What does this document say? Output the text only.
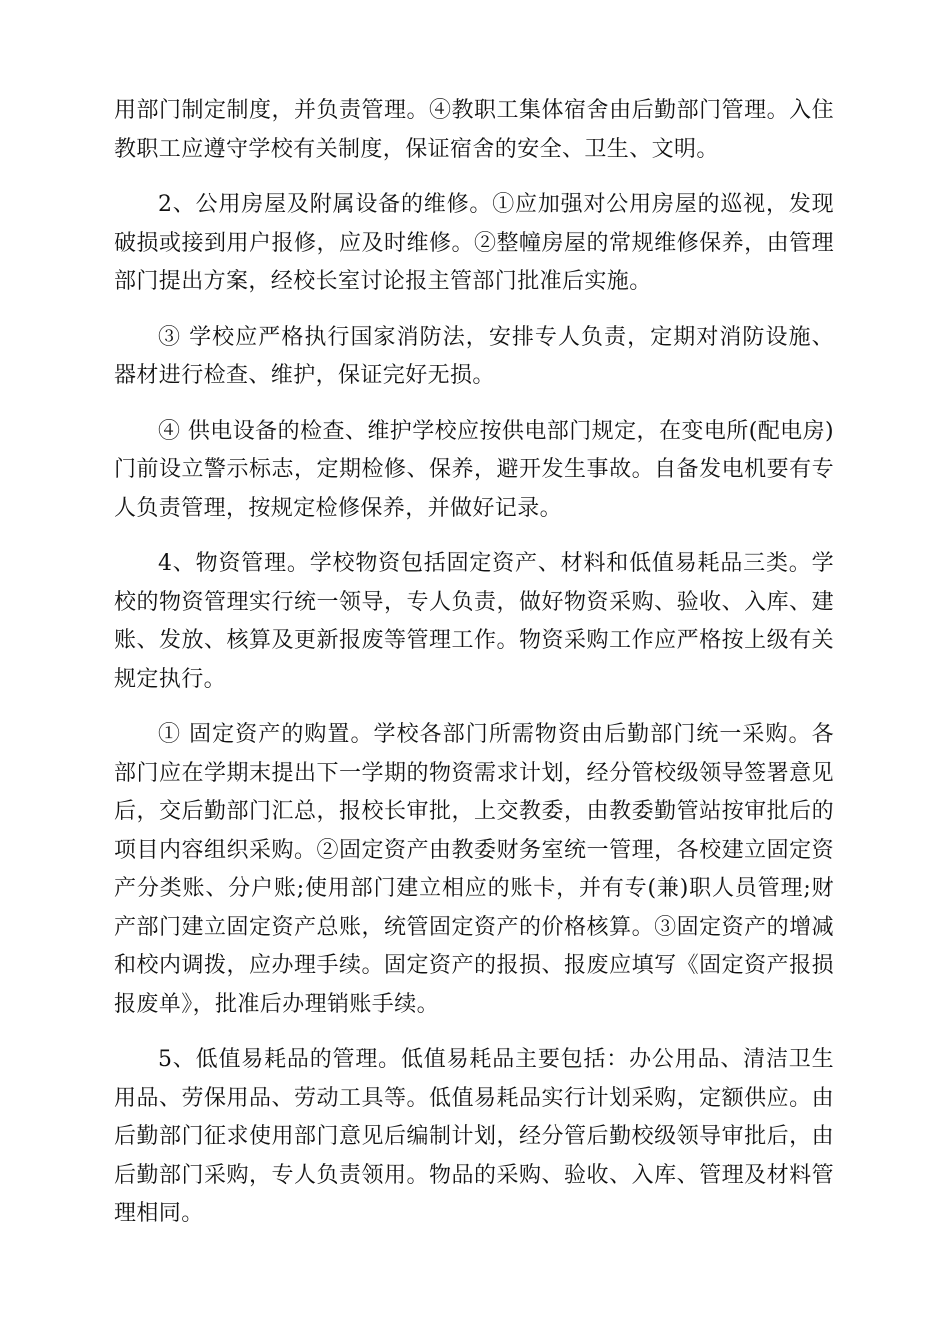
用部门制定制度，并负责管理。④教职工集体宿舍由后勤部门管理。入住教职工应遵守学校有关制度，保证宿舍的安全、卫生、文明。

2、公用房屋及附属设备的维修。①应加强对公用房屋的巡视，发现破损或接到用户报修，应及时维修。②整幢房屋的常规维修保养，由管理部门提出方案，经校长室讨论报主管部门批准后实施。

③ 学校应严格执行国家消防法，安排专人负责，定期对消防设施、器材进行检查、维护，保证完好无损。

④ 供电设备的检查、维护学校应按供电部门规定，在变电所(配电房)门前设立警示标志，定期检修、保养，避开发生事故。自备发电机要有专人负责管理，按规定检修保养，并做好记录。

4、物资管理。学校物资包括固定资产、材料和低值易耗品三类。学校的物资管理实行统一领导，专人负责，做好物资采购、验收、入库、建账、发放、核算及更新报废等管理工作。物资采购工作应严格按上级有关规定执行。

① 固定资产的购置。学校各部门所需物资由后勤部门统一采购。各部门应在学期末提出下一学期的物资需求计划，经分管校级领导签署意见后，交后勤部门汇总，报校长审批，上交教委，由教委勤管站按审批后的项目内容组织采购。②固定资产由教委财务室统一管理，各校建立固定资产分类账、分户账;使用部门建立相应的账卡，并有专(兼)职人员管理;财产部门建立固定资产总账，统管固定资产的价格核算。③固定资产的增减和校内调拨，应办理手续。固定资产的报损、报废应填写《固定资产报损报废单》，批准后办理销账手续。

5、低值易耗品的管理。低值易耗品主要包括：办公用品、清洁卫生用品、劳保用品、劳动工具等。低值易耗品实行计划采购，定额供应。由后勤部门征求使用部门意见后编制计划，经分管后勤校级领导审批后，由后勤部门采购，专人负责领用。物品的采购、验收、入库、管理及材料管理相同。
